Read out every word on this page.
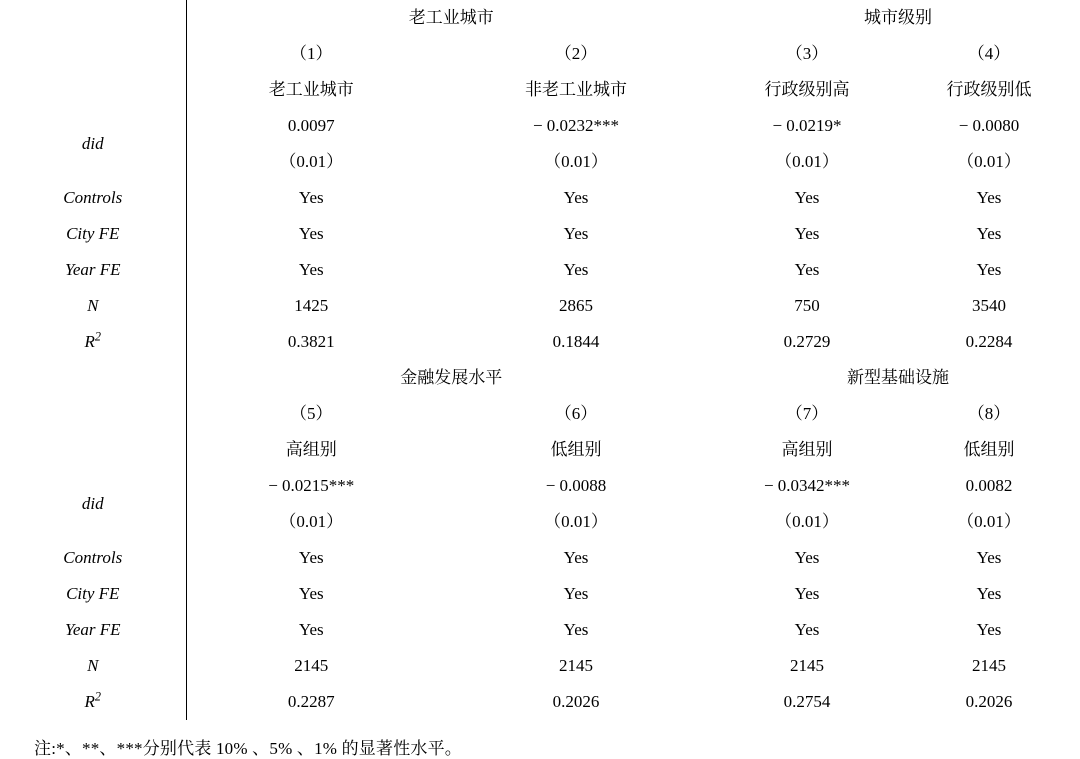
	老工业城市		城市级别	
	（1）	（2）	（3）	（4）
	老工业城市	非老工业城市	行政级别高	行政级别低
did	0.0097	− 0.0232***	− 0.0219*	− 0.0080
	（0.01）	（0.01）	（0.01）	（0.01）
Controls	Yes	Yes	Yes	Yes
City FE	Yes	Yes	Yes	Yes
Year FE	Yes	Yes	Yes	Yes
N	1425	2865	750	3540
$R^2$	0.3821	0.1844	0.2729	0.2284
	金融发展水平		新型基础设施	
	（5）	（6）	（7）	（8）
	高组别	低组别	高组别	低组别
did	− 0.0215***	− 0.0088	− 0.0342***	0.0082
	（0.01）	（0.01）	（0.01）	（0.01）
Controls	Yes	Yes	Yes	Yes
City FE	Yes	Yes	Yes	Yes
Year FE	Yes	Yes	Yes	Yes
N	2145	2145	2145	2145
$R^2$	0.2287	0.2026	0.2754	0.2026
注:*、**、***分别代表 10% 、5% 、1% 的显著性水平。
